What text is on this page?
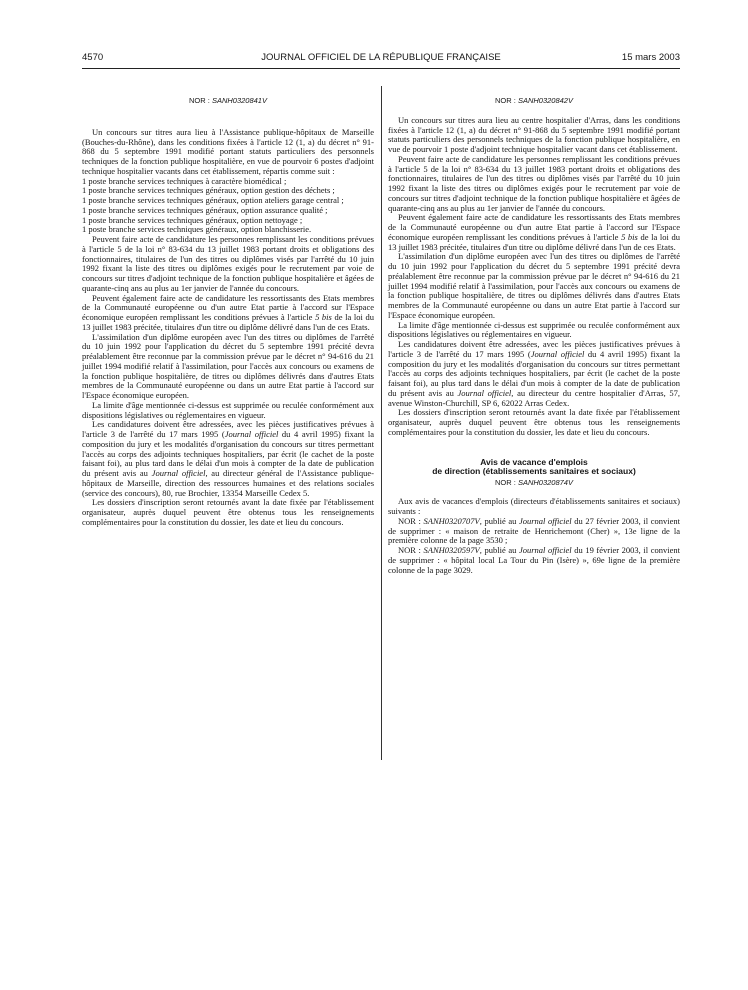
4570	JOURNAL OFFICIEL DE LA RÉPUBLIQUE FRANÇAISE	15 mars 2003
NOR : SANH0320841V

Un concours sur titres aura lieu à l'Assistance publique-hôpitaux de Marseille (Bouches-du-Rhône), dans les conditions fixées à l'article 12 (1, a) du décret n° 91-868 du 5 septembre 1991 modifié portant statuts particuliers des personnels techniques de la fonction publique hospitalière, en vue de pourvoir 6 postes d'adjoint technique hospitalier vacants dans cet établissement, répartis comme suit :

1 poste branche services techniques à caractère biomédical ;

1 poste branche services techniques généraux, option gestion des déchets ;

1 poste branche services techniques généraux, option ateliers garage central ;

1 poste branche services techniques généraux, option assurance qualité ;

1 poste branche services techniques généraux, option nettoyage ;

1 poste branche services techniques généraux, option blanchisserie.

Peuvent faire acte de candidature les personnes remplissant les conditions prévues à l'article 5 de la loi n° 83-634 du 13 juillet 1983 portant droits et obligations des fonctionnaires, titulaires de l'un des titres ou diplômes visés par l'arrêté du 10 juin 1992 fixant la liste des titres ou diplômes exigés pour le recrutement par voie de concours sur titres d'adjoint technique de la fonction publique hospitalière et âgées de quarante-cinq ans au plus au 1er janvier de l'année du concours.

Peuvent également faire acte de candidature les ressortissants des Etats membres de la Communauté européenne ou d'un autre Etat partie à l'accord sur l'Espace économique européen remplissant les conditions prévues à l'article 5 bis de la loi du 13 juillet 1983 précitée, titulaires d'un titre ou diplôme délivré dans l'un de ces Etats.

L'assimilation d'un diplôme européen avec l'un des titres ou diplômes de l'arrêté du 10 juin 1992 pour l'application du décret du 5 septembre 1991 précité devra préalablement être reconnue par la commission prévue par le décret n° 94-616 du 21 juillet 1994 modifié relatif à l'assimilation, pour l'accès aux concours ou examens de la fonction publique hospitalière, de titres ou diplômes délivrés dans d'autres Etats membres de la Communauté européenne ou dans un autre Etat partie à l'accord sur l'Espace économique européen.

La limite d'âge mentionnée ci-dessus est supprimée ou reculée conformément aux dispositions législatives ou réglementaires en vigueur.

Les candidatures doivent être adressées, avec les pièces justificatives prévues à l'article 3 de l'arrêté du 17 mars 1995 (Journal officiel du 4 avril 1995) fixant la composition du jury et les modalités d'organisation du concours sur titres permettant l'accès au corps des adjoints techniques hospitaliers, par écrit (le cachet de la poste faisant foi), au plus tard dans le délai d'un mois à compter de la date de publication du présent avis au Journal officiel, au directeur général de l'Assistance publique-hôpitaux de Marseille, direction des ressources humaines et des relations sociales (service des concours), 80, rue Brochier, 13354 Marseille Cedex 5.

Les dossiers d'inscription seront retournés avant la date fixée par l'établissement organisateur, auprès duquel peuvent être obtenus tous les renseignements complémentaires pour la constitution du dossier, les date et lieu du concours.

NOR : SANH0320842V

Un concours sur titres aura lieu au centre hospitalier d'Arras, dans les conditions fixées à l'article 12 (1, a) du décret n° 91-868 du 5 septembre 1991 modifié portant statuts particuliers des personnels techniques de la fonction publique hospitalière, en vue de pourvoir 1 poste d'adjoint technique hospitalier vacant dans cet établissement.

Peuvent faire acte de candidature les personnes remplissant les conditions prévues à l'article 5 de la loi n° 83-634 du 13 juillet 1983 portant droits et obligations des fonctionnaires, titulaires de l'un des titres ou diplômes visés par l'arrêté du 10 juin 1992 fixant la liste des titres ou diplômes exigés pour le recrutement par voie de concours sur titres d'adjoint technique de la fonction publique hospitalière et âgées de quarante-cinq ans au plus au 1er janvier de l'année du concours.

Peuvent également faire acte de candidature les ressortissants des Etats membres de la Communauté européenne ou d'un autre Etat partie à l'accord sur l'Espace économique européen remplissant les conditions prévues à l'article 5 bis de la loi du 13 juillet 1983 précitée, titulaires d'un titre ou diplôme délivré dans l'un de ces Etats.

L'assimilation d'un diplôme européen avec l'un des titres ou diplômes de l'arrêté du 10 juin 1992 pour l'application du décret du 5 septembre 1991 précité devra préalablement être reconnue par la commission prévue par le décret n° 94-616 du 21 juillet 1994 modifié relatif à l'assimilation, pour l'accès aux concours ou examens de la fonction publique hospitalière, de titres ou diplômes délivrés dans d'autres Etats membres de la Communauté européenne ou dans un autre Etat partie à l'accord sur l'Espace économique européen.

La limite d'âge mentionnée ci-dessus est supprimée ou reculée conformément aux dispositions législatives ou réglementaires en vigueur.

Les candidatures doivent être adressées, avec les pièces justificatives prévues à l'article 3 de l'arrêté du 17 mars 1995 (Journal officiel du 4 avril 1995) fixant la composition du jury et les modalités d'organisation du concours sur titres permettant l'accès au corps des adjoints techniques hospitaliers, par écrit (le cachet de la poste faisant foi), au plus tard dans le délai d'un mois à compter de la date de publication du présent avis au Journal officiel, au directeur du centre hospitalier d'Arras, 57, avenue Winston-Churchill, SP 6, 62022 Arras Cedex.

Les dossiers d'inscription seront retournés avant la date fixée par l'établissement organisateur, auprès duquel peuvent être obtenus tous les renseignements complémentaires pour la constitution du dossier, les date et lieu du concours.

Avis de vacance d'emplois
de direction (établissements sanitaires et sociaux)
NOR : SANH0320874V

Aux avis de vacances d'emplois (directeurs d'établissements sanitaires et sociaux) suivants :

NOR : SANH0320707V, publié au Journal officiel du 27 février 2003, il convient de supprimer : « maison de retraite de Henrichemont (Cher) », 13e ligne de la première colonne de la page 3530 ;

NOR : SANH0320597V, publié au Journal officiel du 19 février 2003, il convient de supprimer : « hôpital local La Tour du Pin (Isère) », 69e ligne de la première colonne de la page 3029.
